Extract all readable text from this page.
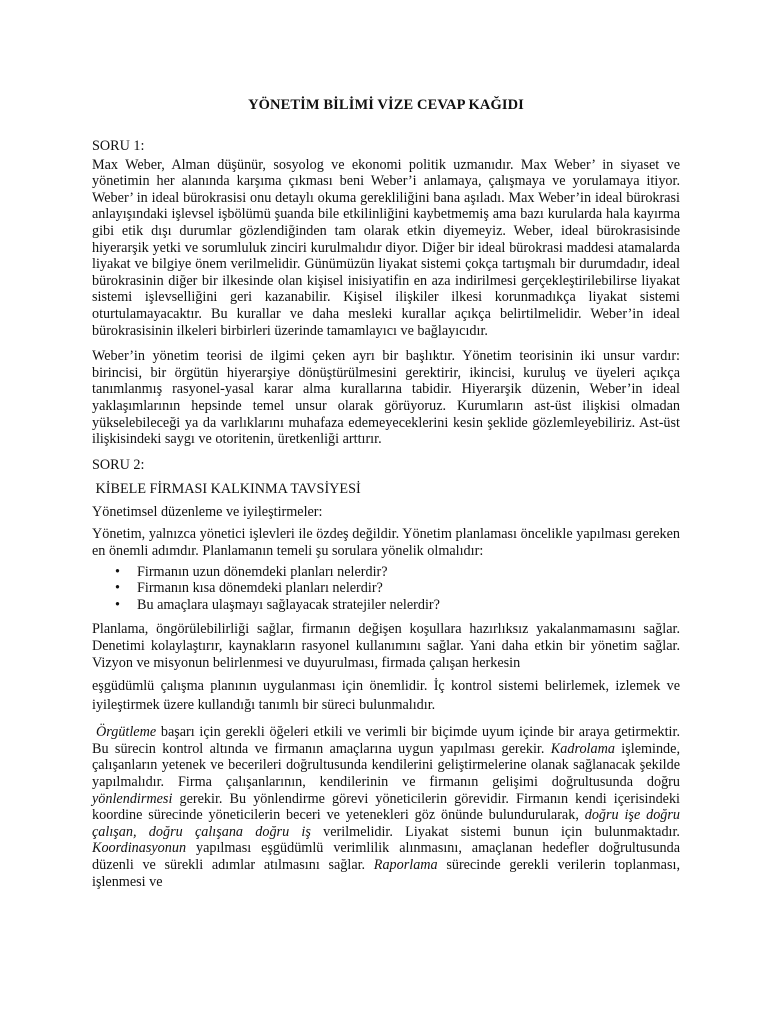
YÖNETİM BİLİMİ VİZE CEVAP KAĞIDI
SORU 1:

Max Weber, Alman düşünür, sosyolog ve ekonomi politik uzmanıdır. Max Weber’ in siyaset ve yönetimin her alanında karşıma çıkması beni Weber’i anlamaya, çalışmaya ve yorulamaya itiyor. Weber’ in ideal bürokrasisi onu detaylı okuma gerekliliğini bana aşıladı. Max Weber’in ideal bürokrasi anlayışındaki işlevsel işbölümü şuanda bile etkilinliğini kaybetmemiş ama bazı kurularda hala kayırma gibi etik dışı durumlar gözlendiğinden tam olarak etkin diyemeyiz. Weber, ideal bürokrasisinde hiyerarşik yetki ve sorumluluk zinciri kurulmalıdır diyor. Diğer bir ideal bürokrasi maddesi atamalarda liyakat ve bilgiye önem verilmelidir. Günümüzün liyakat sistemi çokça tartışmalı bir durumdadır, ideal bürokrasinin diğer bir ilkesinde olan kişisel inisiyatifin en aza indirilmesi gerçekleştirilebilirse liyakat sistemi işlevselliğini geri kazanabilir. Kişisel ilişkiler ilkesi korunmadıkça liyakat sistemi oturtulamayacaktır. Bu kurallar ve daha mesleki kurallar açıkça belirtilmelidir. Weber’in ideal bürokrasisinin ilkeleri birbirleri üzerinde tamamlayıcı ve bağlayıcıdır.

Weber’in yönetim teorisi de ilgimi çeken ayrı bir başlıktır. Yönetim teorisinin iki unsur vardır: birincisi, bir örgütün hiyerarşiye dönüştürülmesini gerektirir, ikincisi, kuruluş ve üyeleri açıkça tanımlanmış rasyonel-yasal karar alma kurallarına tabidir. Hiyerarşik düzenin, Weber’in ideal yaklaşımlarının hepsinde temel unsur olarak görüyoruz. Kurumların ast-üst ilişkisi olmadan yükselebileceği ya da varlıklarını muhafaza edemeyeceklerini kesin şeklide gözlemleyebiliriz. Ast-üst ilişkisindeki saygı ve otoritenin, üretkenliği arttırır.

SORU 2:
KİBELE FİRMASI KALKINMA TAVSİYESİ
Yönetimsel düzenleme ve iyileştirmeler:

Yönetim, yalnızca yönetici işlevleri ile özdeş değildir. Yönetim planlaması öncelikle yapılması gereken en önemli adımdır. Planlamanın temeli şu sorulara yönelik olmalıdır:

• Firmanın uzun dönemdeki planları nelerdir?
• Firmanın kısa dönemdeki planları nelerdir?
• Bu amaçlara ulaşmayı sağlayacak stratejiler nelerdir?

Planlama, öngörülebilirliği sağlar, firmanın değişen koşullara hazırlıksız yakalanmamasını sağlar. Denetimi kolaylaştırır, kaynakların rasyonel kullanımını sağlar. Yani daha etkin bir yönetim sağlar. Vizyon ve misyonun belirlenmesi ve duyurulması, firmada çalışan herkesin

eşgüdümlü çalışma planının uygulanması için önemlidir. İç kontrol sistemi belirlemek, izlemek ve iyileştirmek üzere kullandığı tanımlı bir süreci bulunmalıdır.

Örgütleme başarı için gerekli öğeleri etkili ve verimli bir biçimde uyum içinde bir araya getirmektir. Bu sürecin kontrol altında ve firmanın amaçlarına uygun yapılması gerekir. Kadrolama işleminde, çalışanların yetenek ve becerileri doğrultusunda kendilerini geliştirmelerine olanak sağlanacak şekilde yapılmalıdır. Firma çalışanlarının, kendilerinin ve firmanın gelişimi doğrultusunda doğru yönlendirmesi gerekir. Bu yönlendirme görevi yöneticilerin görevidir. Firmanın kendi içerisindeki koordine sürecinde yöneticilerin beceri ve yetenekleri göz önünde bulundurularak, doğru işe doğru çalışan, doğru çalışana doğru iş verilmelidir. Liyakat sistemi bunun için bulunmaktadır. Koordinasyonun yapılması eşgüdümlü verimlilik alınmasını, amaçlanan hedefler doğrultusunda düzenli ve sürekli adımlar atılmasını sağlar. Raporlama sürecinde gerekli verilerin toplanması, işlenmesi ve
